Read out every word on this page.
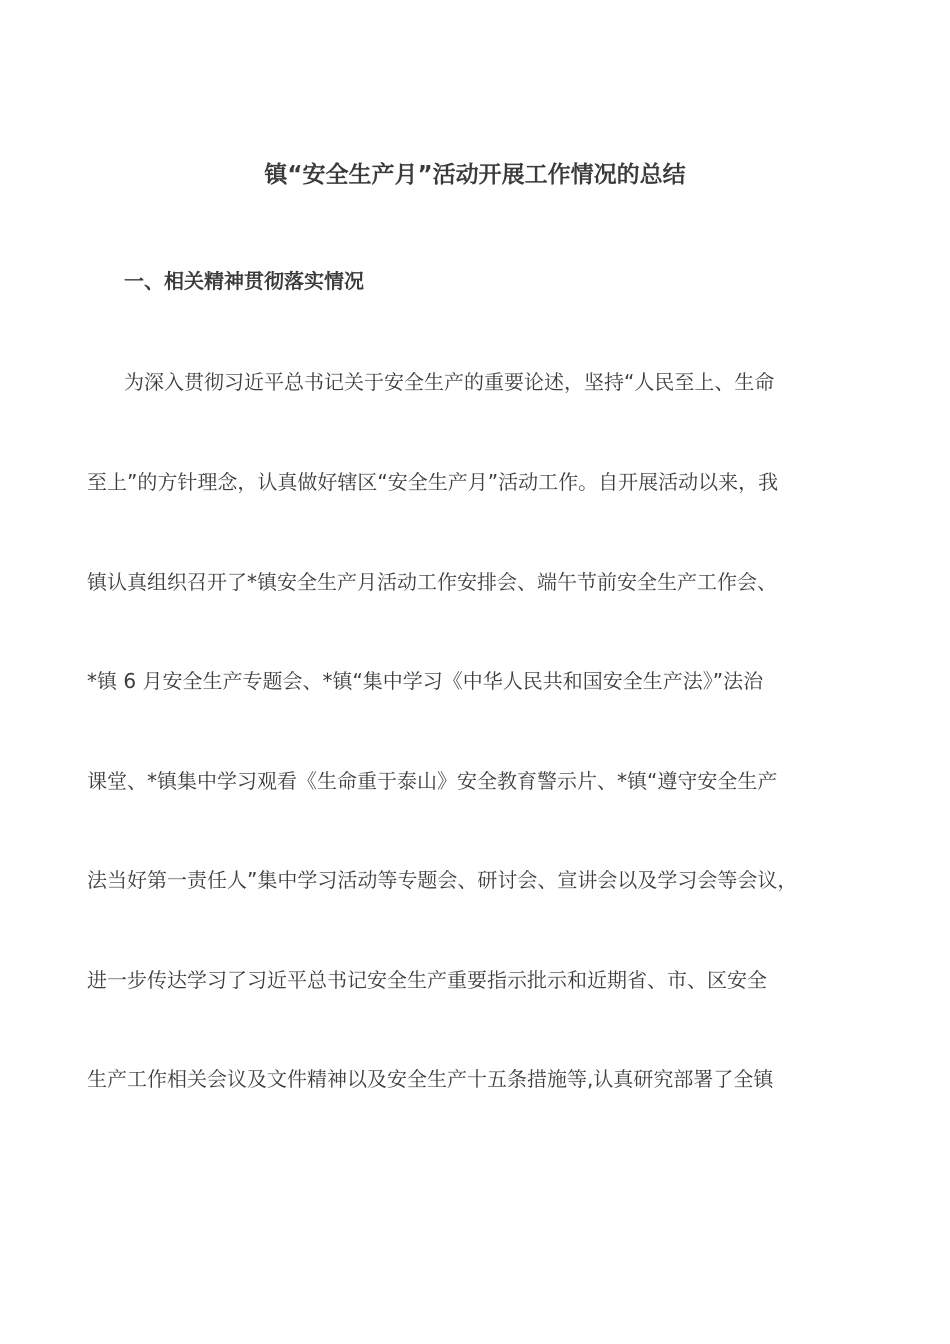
镇“安全生产月”活动开展工作情况的总结
一、相关精神贯彻落实情况

为深入贯彻习近平总书记关于安全生产的重要论述，坚持“人民至上、生命

至上”的方针理念，认真做好辖区“安全生产月”活动工作。自开展活动以来，我

镇认真组织召开了*镇安全生产月活动工作安排会、端午节前安全生产工作会、

*镇 6 月安全生产专题会、*镇“集中学习《中华人民共和国安全生产法》”法治

课堂、*镇集中学习观看《生命重于泰山》安全教育警示片、*镇“遵守安全生产

法当好第一责任人”集中学习活动等专题会、研讨会、宣讲会以及学习会等会议，

进一步传达学习了习近平总书记安全生产重要指示批示和近期省、市、区安全

生产工作相关会议及文件精神以及安全生产十五条措施等,认真研究部署了全镇
